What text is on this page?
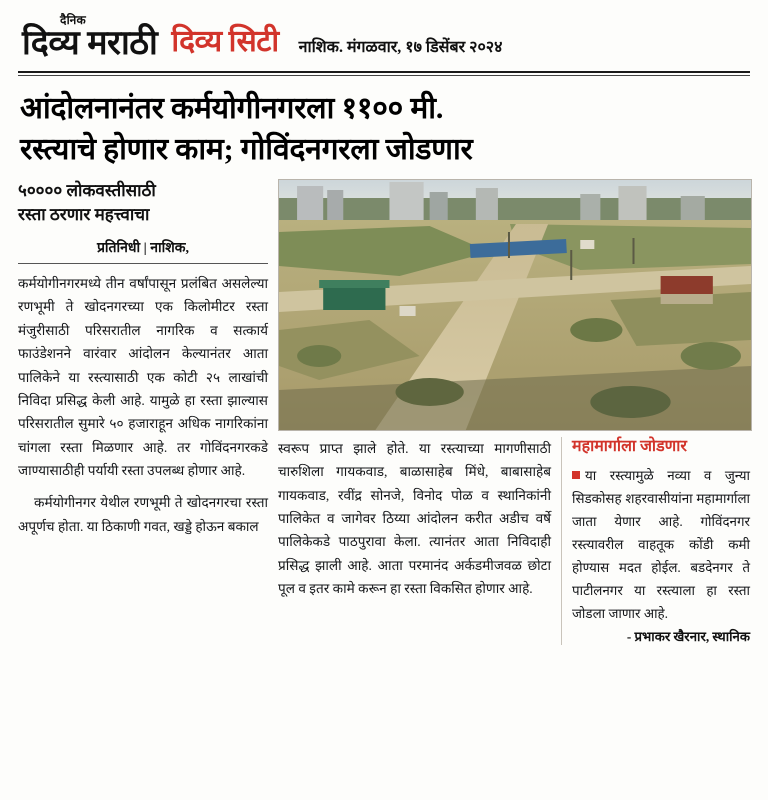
दैनिक
दिव्य मराठी दिव्य सिटी नाशिक. मंगळवार, १७ डिसेंबर २०२४
आंदोलनानंतर कर्मयोगीनगरला ११०० मी.
रस्त्याचे होणार काम; गोविंदनगरला जोडणार
५०००० लोकवस्तीसाठी
रस्ता ठरणार महत्त्वाचा
प्रतिनिधी | नाशिक,

कर्मयोगीनगरमध्ये तीन वर्षांपासून प्रलंबित असलेल्या रणभूमी ते खोदनगरच्या एक किलोमीटर रस्ता मंजुरीसाठी परिसरातील नागरिक व सत्कार्य फाउंडेशनने वारंवार आंदोलन केल्यानंतर आता पालिकेने या रस्त्यासाठी एक कोटी २५ लाखांची निविदा प्रसिद्ध केली आहे. यामुळे हा रस्ता झाल्यास परिसरातील सुमारे ५० हजाराहून अधिक नागरिकांना चांगला रस्ता मिळणार आहे. तर गोविंदनगरकडे जाण्यासाठीही पर्यायी रस्ता उपलब्ध होणार आहे.

कर्मयोगीनगर येथील रणभूमी ते खोदनगरचा रस्ता अपूर्णच होता. या ठिकाणी गवत, खड्डे होऊन बकाल

स्वरूप प्राप्त झाले होते. या रस्त्याच्या मागणीसाठी चारुशिला गायकवाड, बाळासाहेब मिंधे, बाबासाहेब गायकवाड, रवींद्र सोनजे, विनोद पोळ व स्थानिकांनी पालिकेत व जागेवर ठिय्या आंदोलन करीत अडीच वर्षे पालिकेकडे पाठपुरावा केला. त्यानंतर आता निविदाही प्रसिद्ध झाली आहे. आता परमानंद अर्कडमीजवळ छोटा पूल व इतर कामे करून हा रस्ता विकसित होणार आहे.

महामार्गाला जोडणार
या रस्त्यामुळे नव्या व जुन्या सिडकोसह शहरवासीयांना महामार्गाला जाता येणार आहे. गोविंदनगर रस्त्यावरील वाहतूक कोंडी कमी होण्यास मदत होईल. बडदेनगर ते पाटीलनगर या रस्त्याला हा रस्ता जोडला जाणार आहे.
- प्रभाकर खैरनार, स्थानिक
